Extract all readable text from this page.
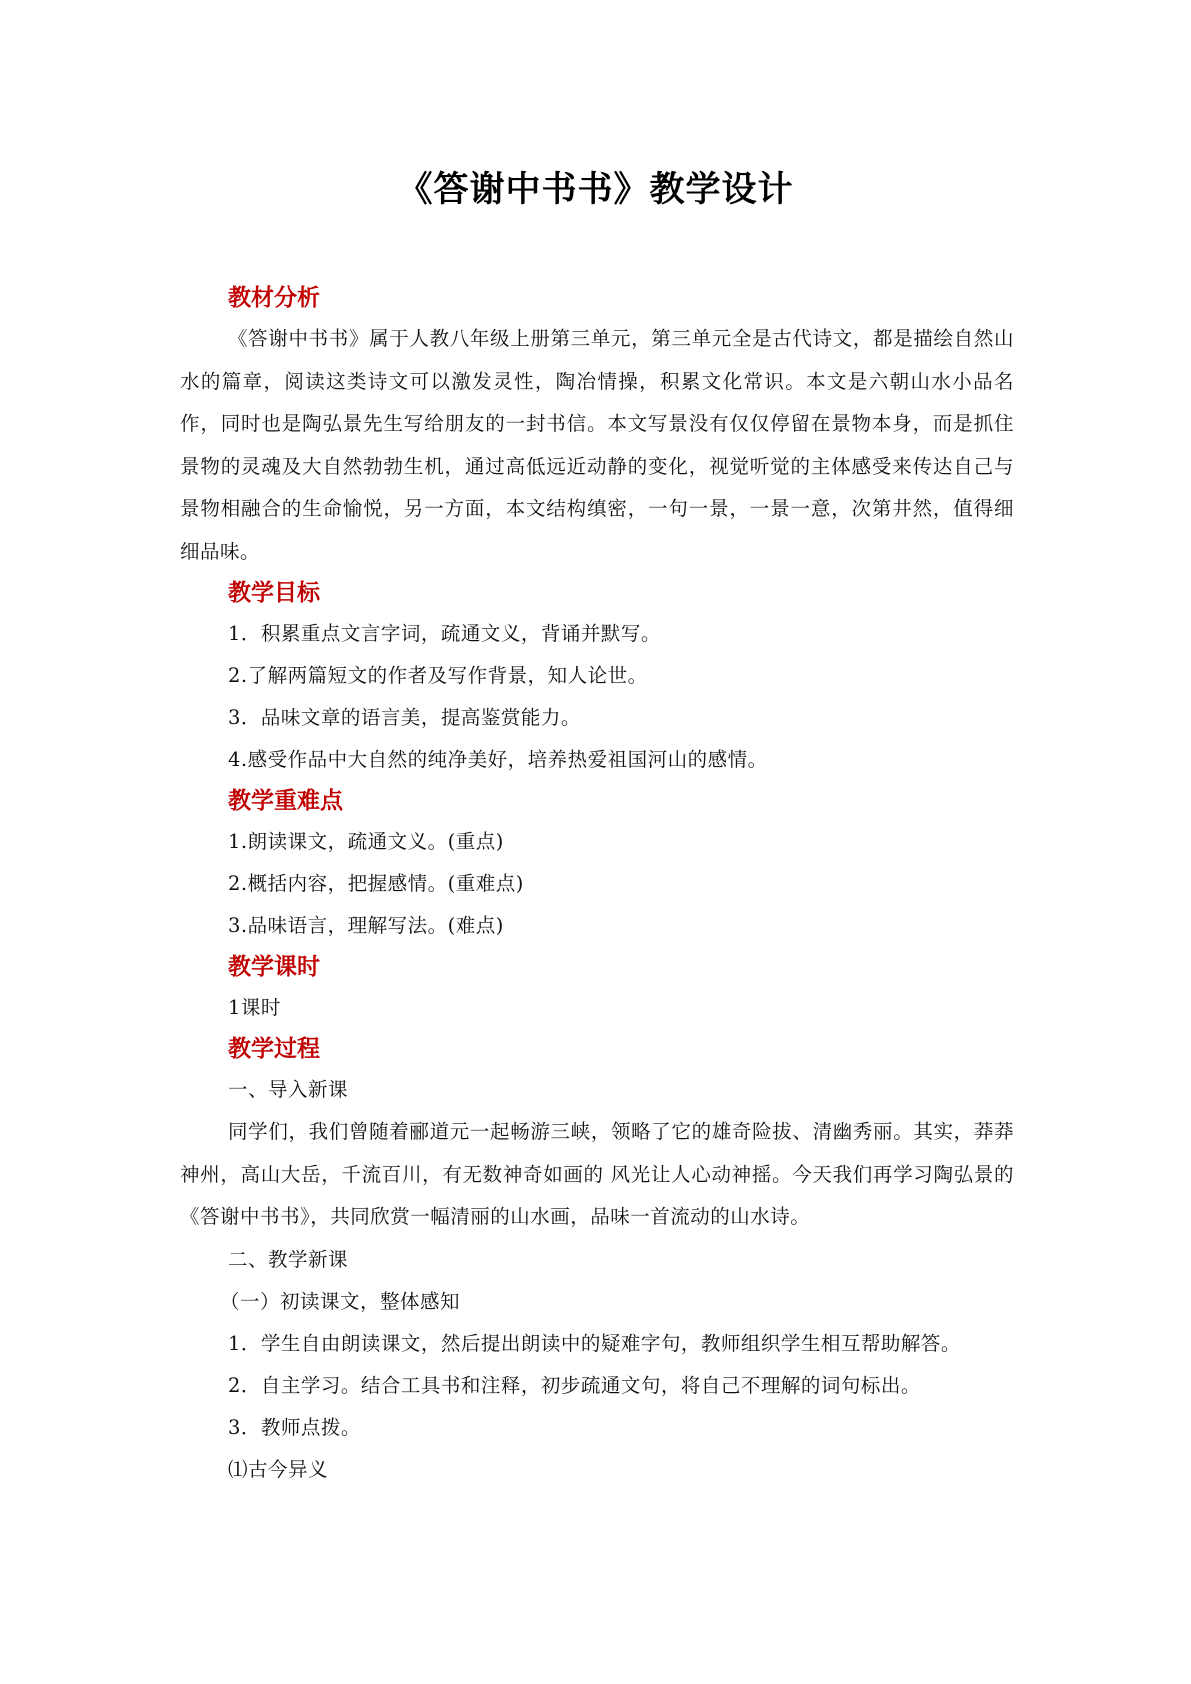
《答谢中书书》教学设计
教材分析

《答谢中书书》属于人教八年级上册第三单元，第三单元全是古代诗文，都是描绘自然山水的篇章，阅读这类诗文可以激发灵性，陶冶情操，积累文化常识。本文是六朝山水小品名作，同时也是陶弘景先生写给朋友的一封书信。本文写景没有仅仅停留在景物本身，而是抓住景物的灵魂及大自然勃勃生机，通过高低远近动静的变化，视觉听觉的主体感受来传达自己与景物相融合的生命愉悦，另一方面，本文结构缜密，一句一景，一景一意，次第井然，值得细细品味。

教学目标
1．积累重点文言字词，疏通文义，背诵并默写。
2.了解两篇短文的作者及写作背景，知人论世。
3．品味文章的语言美，提高鉴赏能力。
4.感受作品中大自然的纯净美好，培养热爱祖国河山的感情。
教学重难点
1.朗读课文，疏通文义。(重点)
2.概括内容，把握感情。(重难点)
3.品味语言，理解写法。(难点)
教学课时
1课时
教学过程
一、导入新课

同学们，我们曾随着郦道元一起畅游三峡，领略了它的雄奇险拔、清幽秀丽。其实，莽莽神州，高山大岳，千流百川，有无数神奇如画的 风光让人心动神摇。今天我们再学习陶弘景的《答谢中书书》，共同欣赏一幅清丽的山水画，品味一首流动的山水诗。

二、教学新课
（一）初读课文，整体感知
1．学生自由朗读课文，然后提出朗读中的疑难字句，教师组织学生相互帮助解答。
2．自主学习。结合工具书和注释，初步疏通文句，将自己不理解的词句标出。
3．教师点拨。
⑴古今异义
